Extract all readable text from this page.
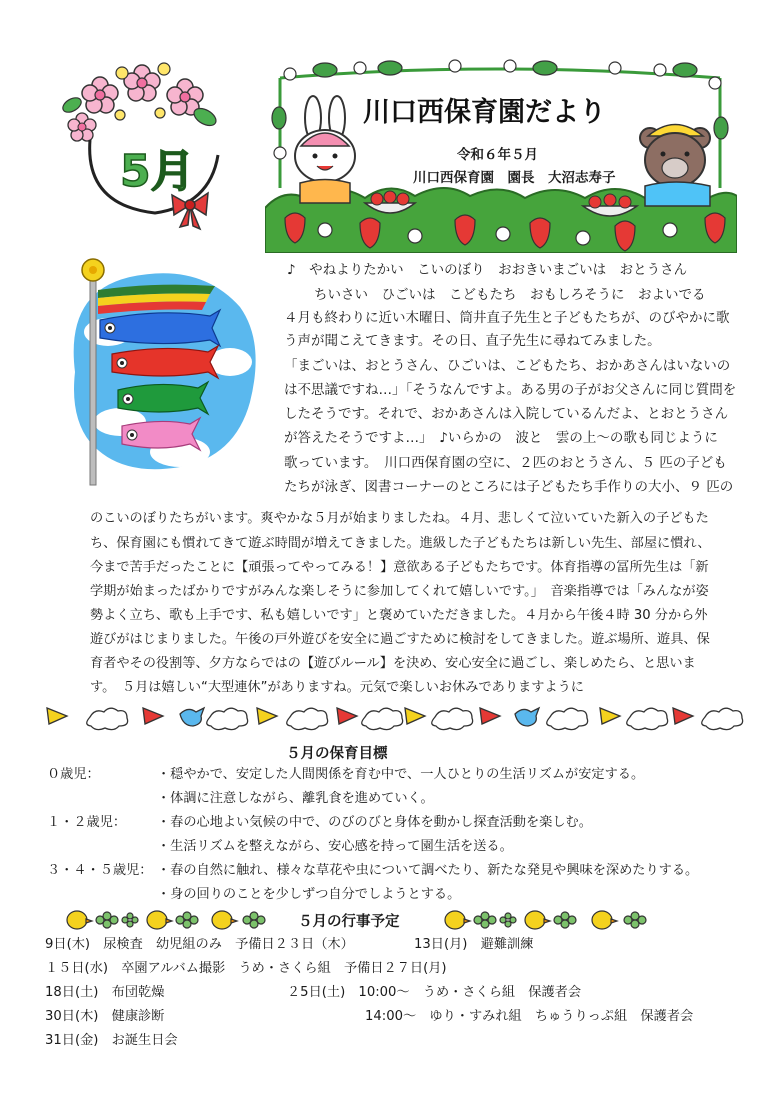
5月
川口西保育園だより
令和６年５月
川口西保育園　園長　大沼志寿子
♪　やねよりたかい　こいのぼり　おおきいまごいは　おとうさん
　　ちいさい　ひごいは　こどもたち　おもしろそうに　およいでる
４月も終わりに近い木曜日、筒井直子先生と子どもたちが、のびやかに歌
う声が聞こえてきます。その日、直子先生に尋ねてみました。
「まごいは、おとうさん、ひごいは、こどもたち、おかあさんはいないの
は不思議ですね…」「そうなんですよ。ある男の子がお父さんに同じ質問を
したそうです。それで、おかあさんは入院しているんだよ、とおとうさん
が答えたそうですよ…」　♪いらかの　波と　雲の上～の歌も同じように
歌っています。　川口西保育園の空に、２匹のおとうさん、５ 匹の子ども
たちが泳ぎ、図書コーナーのところには子どもたち手作りの大小、９ 匹の
のこいのぼりたちがいます。爽やかな５月が始まりましたね。４月、悲しくて泣いていた新入の子どもた
ち、保育園にも慣れてきて遊ぶ時間が増えてきました。進級した子どもたちは新しい先生、部屋に慣れ、
今まで苦手だったことに【頑張ってやってみる！】意欲ある子どもたちです。体育指導の冨所先生は「新
学期が始まったばかりですがみんな楽しそうに参加してくれて嬉しいです。」　音楽指導では「みんなが姿
勢よく立ち、歌も上手です、私も嬉しいです」と褒めていただきました。４月から午後４時 30 分から外
遊びがはじまりました。午後の戸外遊びを安全に過ごすために検討をしてきました。遊ぶ場所、遊具、保
育者やその役割等、夕方ならではの【遊びルール】を決め、安心安全に過ごし、楽しめたら、と思いま
す。　５月は嬉しい“大型連休”がありますね。元気で楽しいお休みでありますように
５月の保育目標
０歳児：	・穏やかで、安定した人間関係を育む中で、一人ひとりの生活リズムが安定する。
・体調に注意しながら、離乳食を進めていく。
１・２歳児： ・春の心地よい気候の中で、のびのびと身体を動かし探査活動を楽しむ。
・生活リズムを整えながら、安心感を持って園生活を送る。
３・４・５歳児： ・春の自然に触れ、様々な草花や虫について調べたり、新たな発見や興味を深めたりする。
・身の回りのことを少しずつ自分でしようとする。
５月の行事予定
9日(木)　尿検査　幼児組のみ　予備日２３日（木）	13日(月)　避難訓練
１５日(水)　卒園アルバム撮影　うめ・さくら組　予備日２７日(月)
18日(土)　布団乾燥	２5日(土)　10:00～　うめ・さくら組　保護者会
30日(木)　健康診断	14:00～　ゆり・すみれ組　ちゅうりっぷ組　保護者会
31日(金)　お誕生日会
